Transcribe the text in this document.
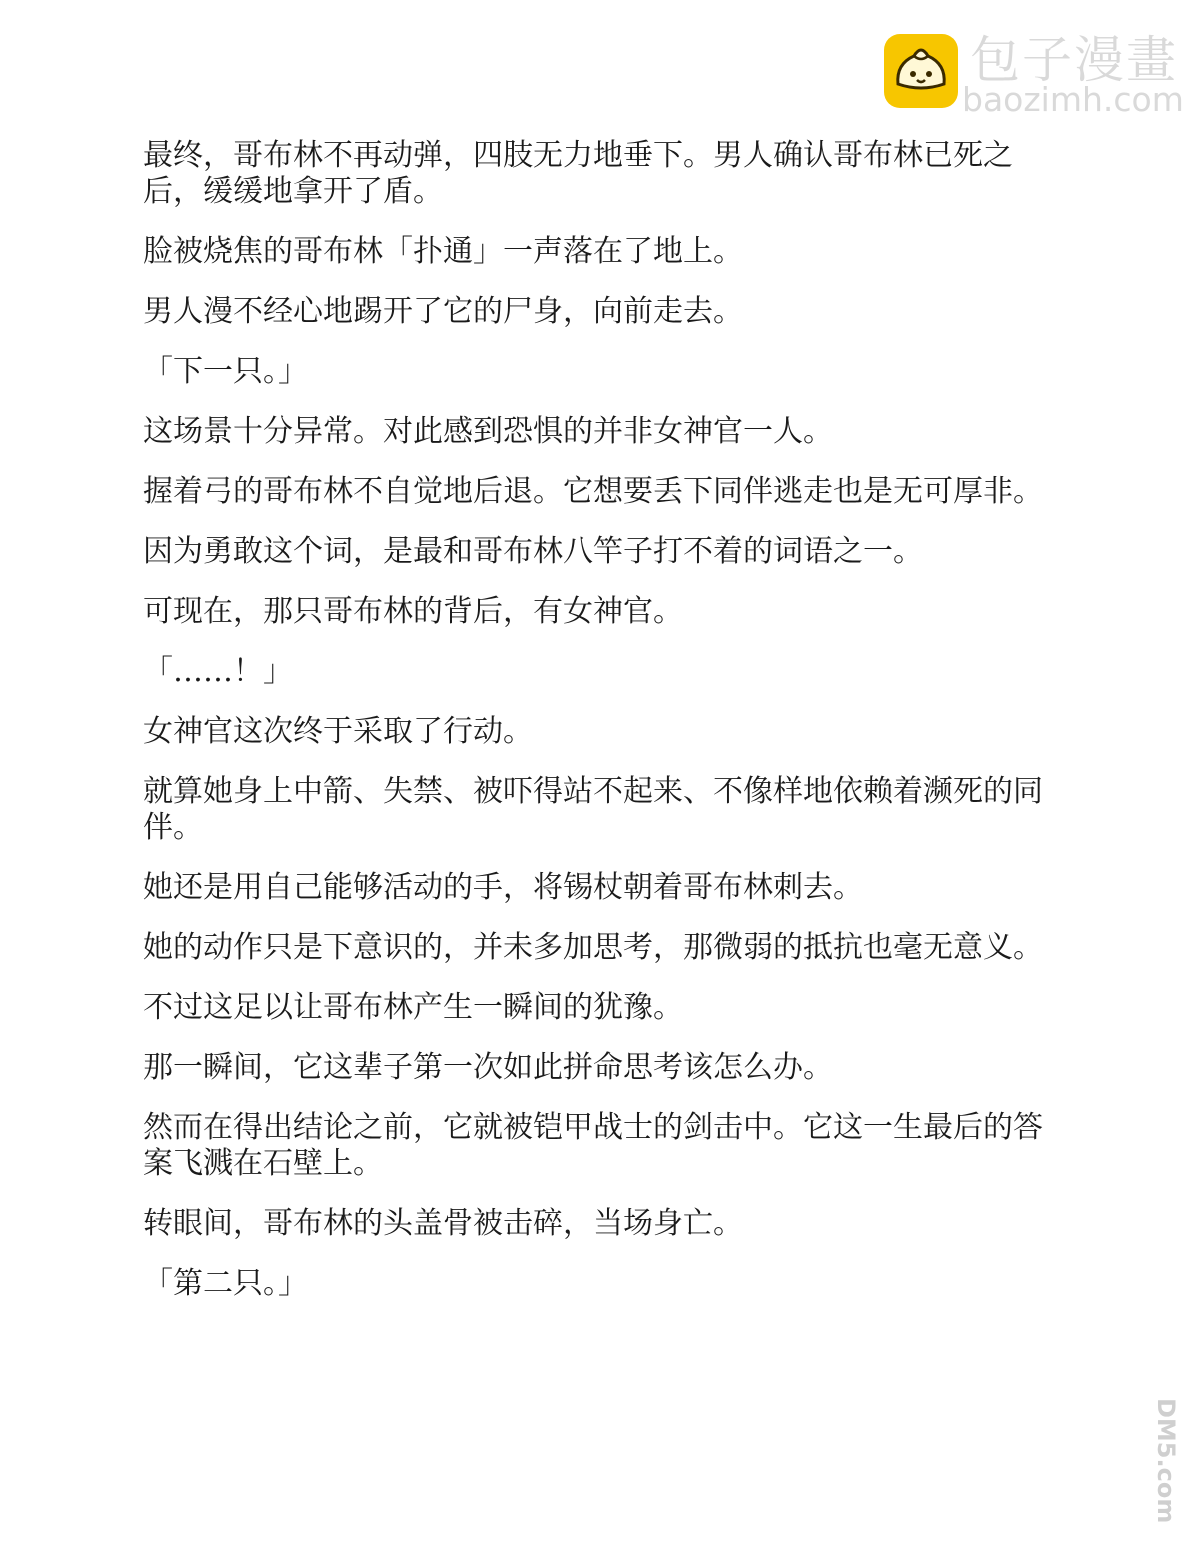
包子漫畫
baozimh.com

最终，哥布林不再动弹，四肢无力地垂下。男人确认哥布林已死之后，缓缓地拿开了盾。

脸被烧焦的哥布林「扑通」一声落在了地上。

男人漫不经心地踢开了它的尸身，向前走去。

「下一只。」

这场景十分异常。对此感到恐惧的并非女神官一人。

握着弓的哥布林不自觉地后退。它想要丢下同伴逃走也是无可厚非。

因为勇敢这个词，是最和哥布林八竿子打不着的词语之一。

可现在，那只哥布林的背后，有女神官。

「……！」

女神官这次终于采取了行动。

就算她身上中箭、失禁、被吓得站不起来、不像样地依赖着濒死的同伴。

她还是用自己能够活动的手，将锡杖朝着哥布林刺去。

她的动作只是下意识的，并未多加思考，那微弱的抵抗也毫无意义。

不过这足以让哥布林产生一瞬间的犹豫。

那一瞬间，它这辈子第一次如此拼命思考该怎么办。

然而在得出结论之前，它就被铠甲战士的剑击中。它这一生最后的答案飞溅在石壁上。

转眼间，哥布林的头盖骨被击碎，当场身亡。

「第二只。」

DM5.com
